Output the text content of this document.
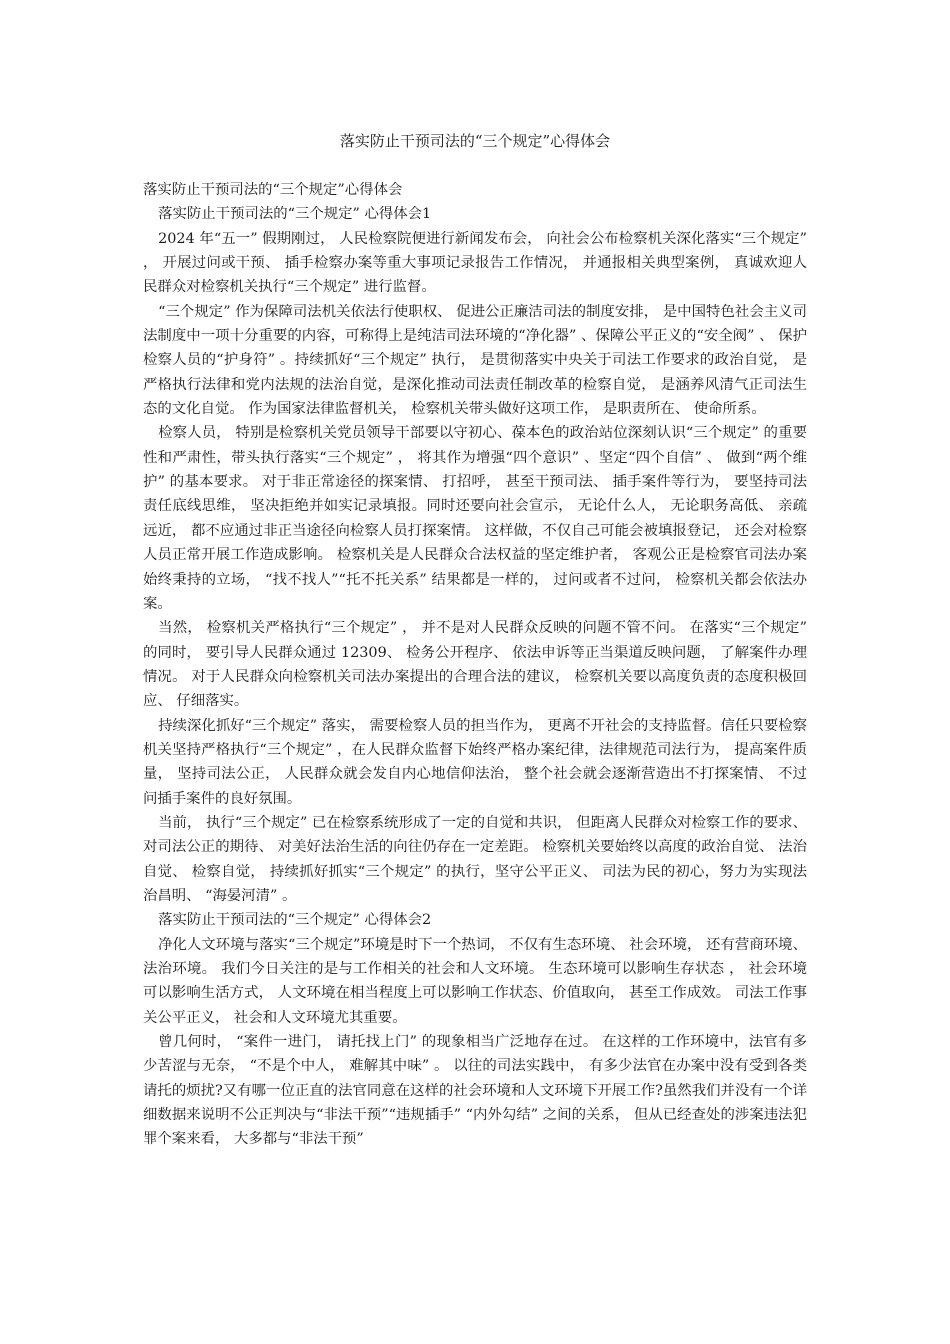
落实防止干预司法的“三个规定”心得体会

落实防止干预司法的“三个规定”心得体会

落实防止干预司法的“三个规定” 心得体会1

2024 年“五一” 假期刚过， 人民检察院便进行新闻发布会， 向社会公布检察机关深化落实“三个规定” ， 开展过问或干预、 插手检察办案等重大事项记录报告工作情况， 并通报相关典型案例， 真诚欢迎人民群众对检察机关执行“三个规定” 进行监督。

“三个规定” 作为保障司法机关依法行使职权、 促进公正廉洁司法的制度安排， 是中国特色社会主义司法制度中一项十分重要的内容，可称得上是纯洁司法环境的“净化器” 、保障公平正义的“安全阀” 、 保护检察人员的“护身符” 。持续抓好“三个规定” 执行， 是贯彻落实中央关于司法工作要求的政治自觉， 是严格执行法律和党内法规的法治自觉，是深化推动司法责任制改革的检察自觉， 是涵养风清气正司法生态的文化自觉。 作为国家法律监督机关， 检察机关带头做好这项工作， 是职责所在、 使命所系。

检察人员， 特别是检察机关党员领导干部要以守初心、葆本色的政治站位深刻认识“三个规定” 的重要性和严肃性，带头执行落实“三个规定” ， 将其作为增强“四个意识” 、坚定“四个自信” 、 做到“两个维护” 的基本要求。 对于非正常途径的探案情、 打招呼， 甚至干预司法、 插手案件等行为， 要坚持司法责任底线思维， 坚决拒绝并如实记录填报。同时还要向社会宣示， 无论什么人， 无论职务高低、 亲疏远近， 都不应通过非正当途径向检察人员打探案情。 这样做，不仅自己可能会被填报登记， 还会对检察人员正常开展工作造成影响。 检察机关是人民群众合法权益的坚定维护者， 客观公正是检察官司法办案始终秉持的立场， “找不找人”“托不托关系” 结果都是一样的， 过问或者不过问， 检察机关都会依法办案。

当然， 检察机关严格执行“三个规定” ， 并不是对人民群众反映的问题不管不问。 在落实“三个规定” 的同时， 要引导人民群众通过 12309、 检务公开程序、 依法申诉等正当渠道反映问题， 了解案件办理情况。 对于人民群众向检察机关司法办案提出的合理合法的建议， 检察机关要以高度负责的态度积极回应、 仔细落实。

持续深化抓好“三个规定” 落实， 需要检察人员的担当作为， 更离不开社会的支持监督。信任只要检察机关坚持严格执行“三个规定” ，在人民群众监督下始终严格办案纪律，法律规范司法行为， 提高案件质量， 坚持司法公正， 人民群众就会发自内心地信仰法治， 整个社会就会逐渐营造出不打探案情、 不过问插手案件的良好氛围。

当前， 执行“三个规定” 已在检察系统形成了一定的自觉和共识， 但距离人民群众对检察工作的要求、 对司法公正的期待、 对美好法治生活的向往仍存在一定差距。 检察机关要始终以高度的政治自觉、 法治自觉、 检察自觉， 持续抓好抓实“三个规定” 的执行，坚守公平正义、 司法为民的初心，努力为实现法治昌明、 “海晏河清” 。

落实防止干预司法的“三个规定” 心得体会2

净化人文环境与落实“三个规定”环境是时下一个热词， 不仅有生态环境、 社会环境， 还有营商环境、 法治环境。 我们今日关注的是与工作相关的社会和人文环境。 生态环境可以影响生存状态 ， 社会环境可以影响生活方式， 人文环境在相当程度上可以影响工作状态、价值取向， 甚至工作成效。 司法工作事关公平正义， 社会和人文环境尤其重要。

曾几何时， “案件一进门， 请托找上门” 的现象相当广泛地存在过。 在这样的工作环境中，法官有多少苦涩与无奈， “不是个中人， 难解其中味” 。 以往的司法实践中， 有多少法官在办案中没有受到各类请托的烦扰?又有哪一位正直的法官同意在这样的社会环境和人文环境下开展工作?虽然我们并没有一个详细数据来说明不公正判决与“非法干预”“违规插手” “内外勾结” 之间的关系， 但从已经查处的涉案违法犯罪个案来看， 大多都与“非法干预”
